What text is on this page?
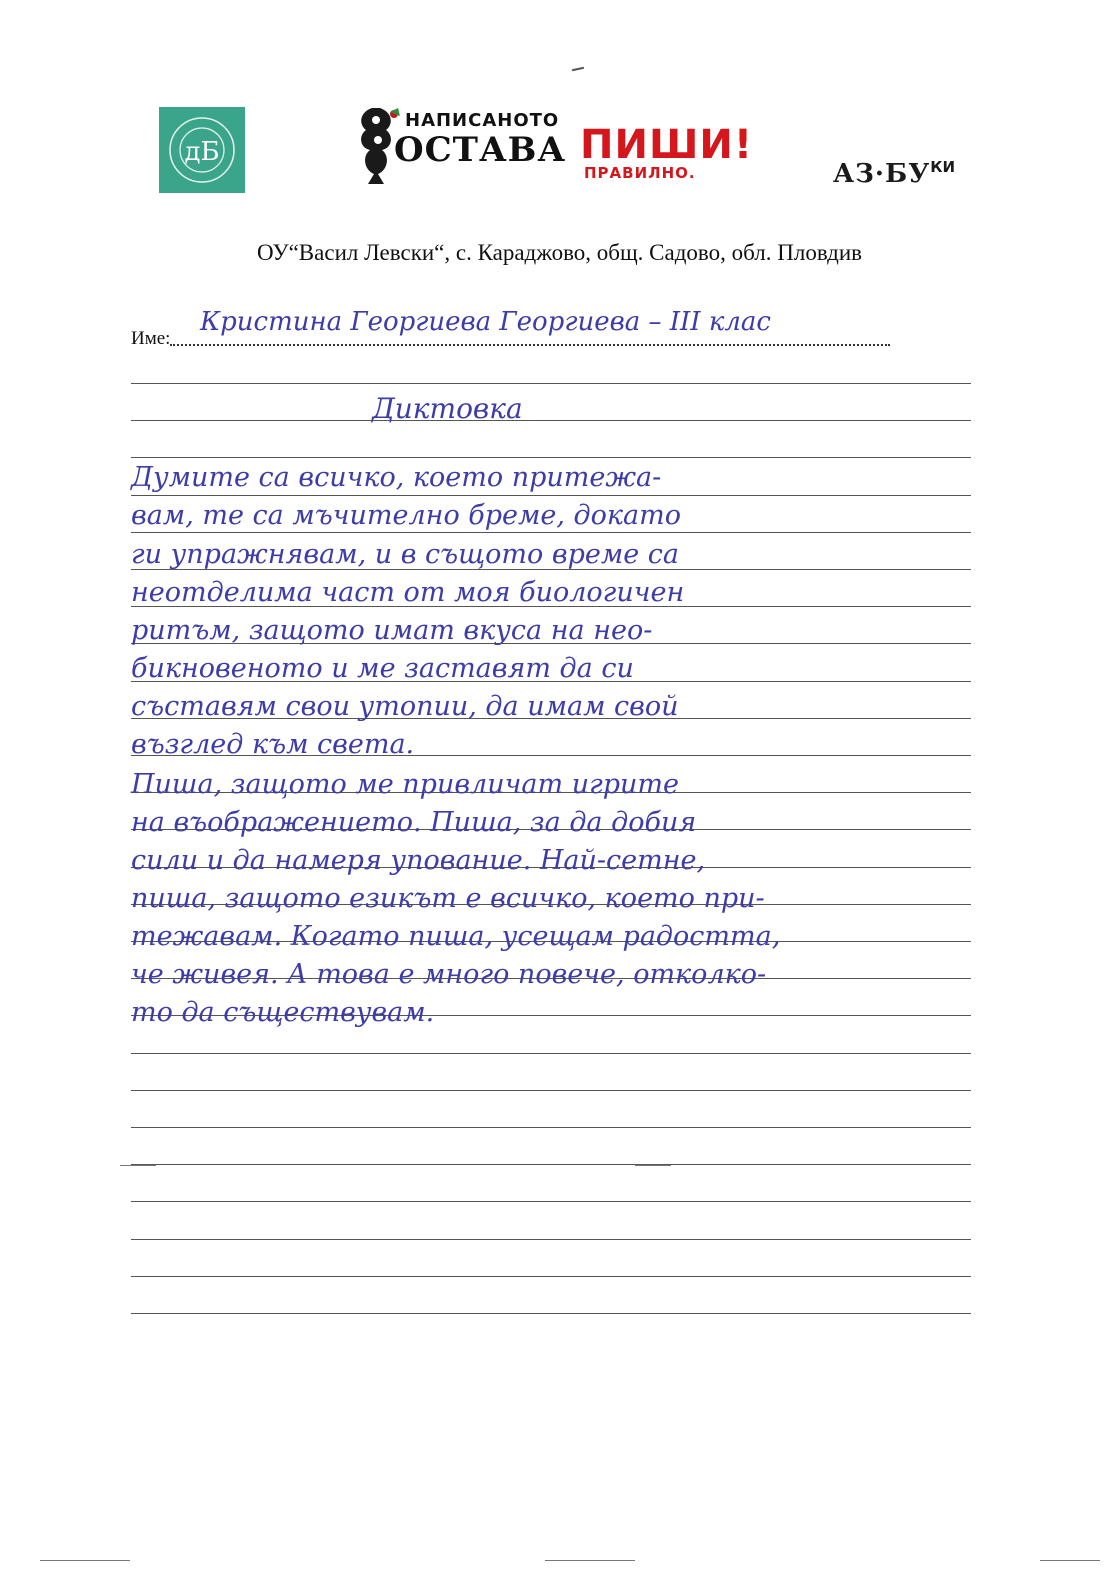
дБ
НАПИСАНОТО
ОСТАВА ПИШИ!
ПРАВИЛНО.	АЗ·БУКИ
ОУ“Васил Левски“, с. Караджово, общ. Садово, обл. Пловдив
Име:
Кристина Георгиева Георгиева – III клас
Диктовка
Думите са всичко, което притежа-
вам, те са мъчително бреме, докато
ги упражнявам, и в същото време са
неотделима част от моя биологичен
ритъм, защото имат вкуса на нео-
бикновеното и ме заставят да си
съставям свои утопии, да имам свой
възглед към света.
Пиша, защото ме привличат игрите
на въображението. Пиша, за да добия
сили и да намеря упование. Най-сетне,
пиша, защото езикът е всичко, което при-
тежавам. Когато пиша, усещам радостта,
че живея. А това е много повече, отколко-
то да съществувам.
